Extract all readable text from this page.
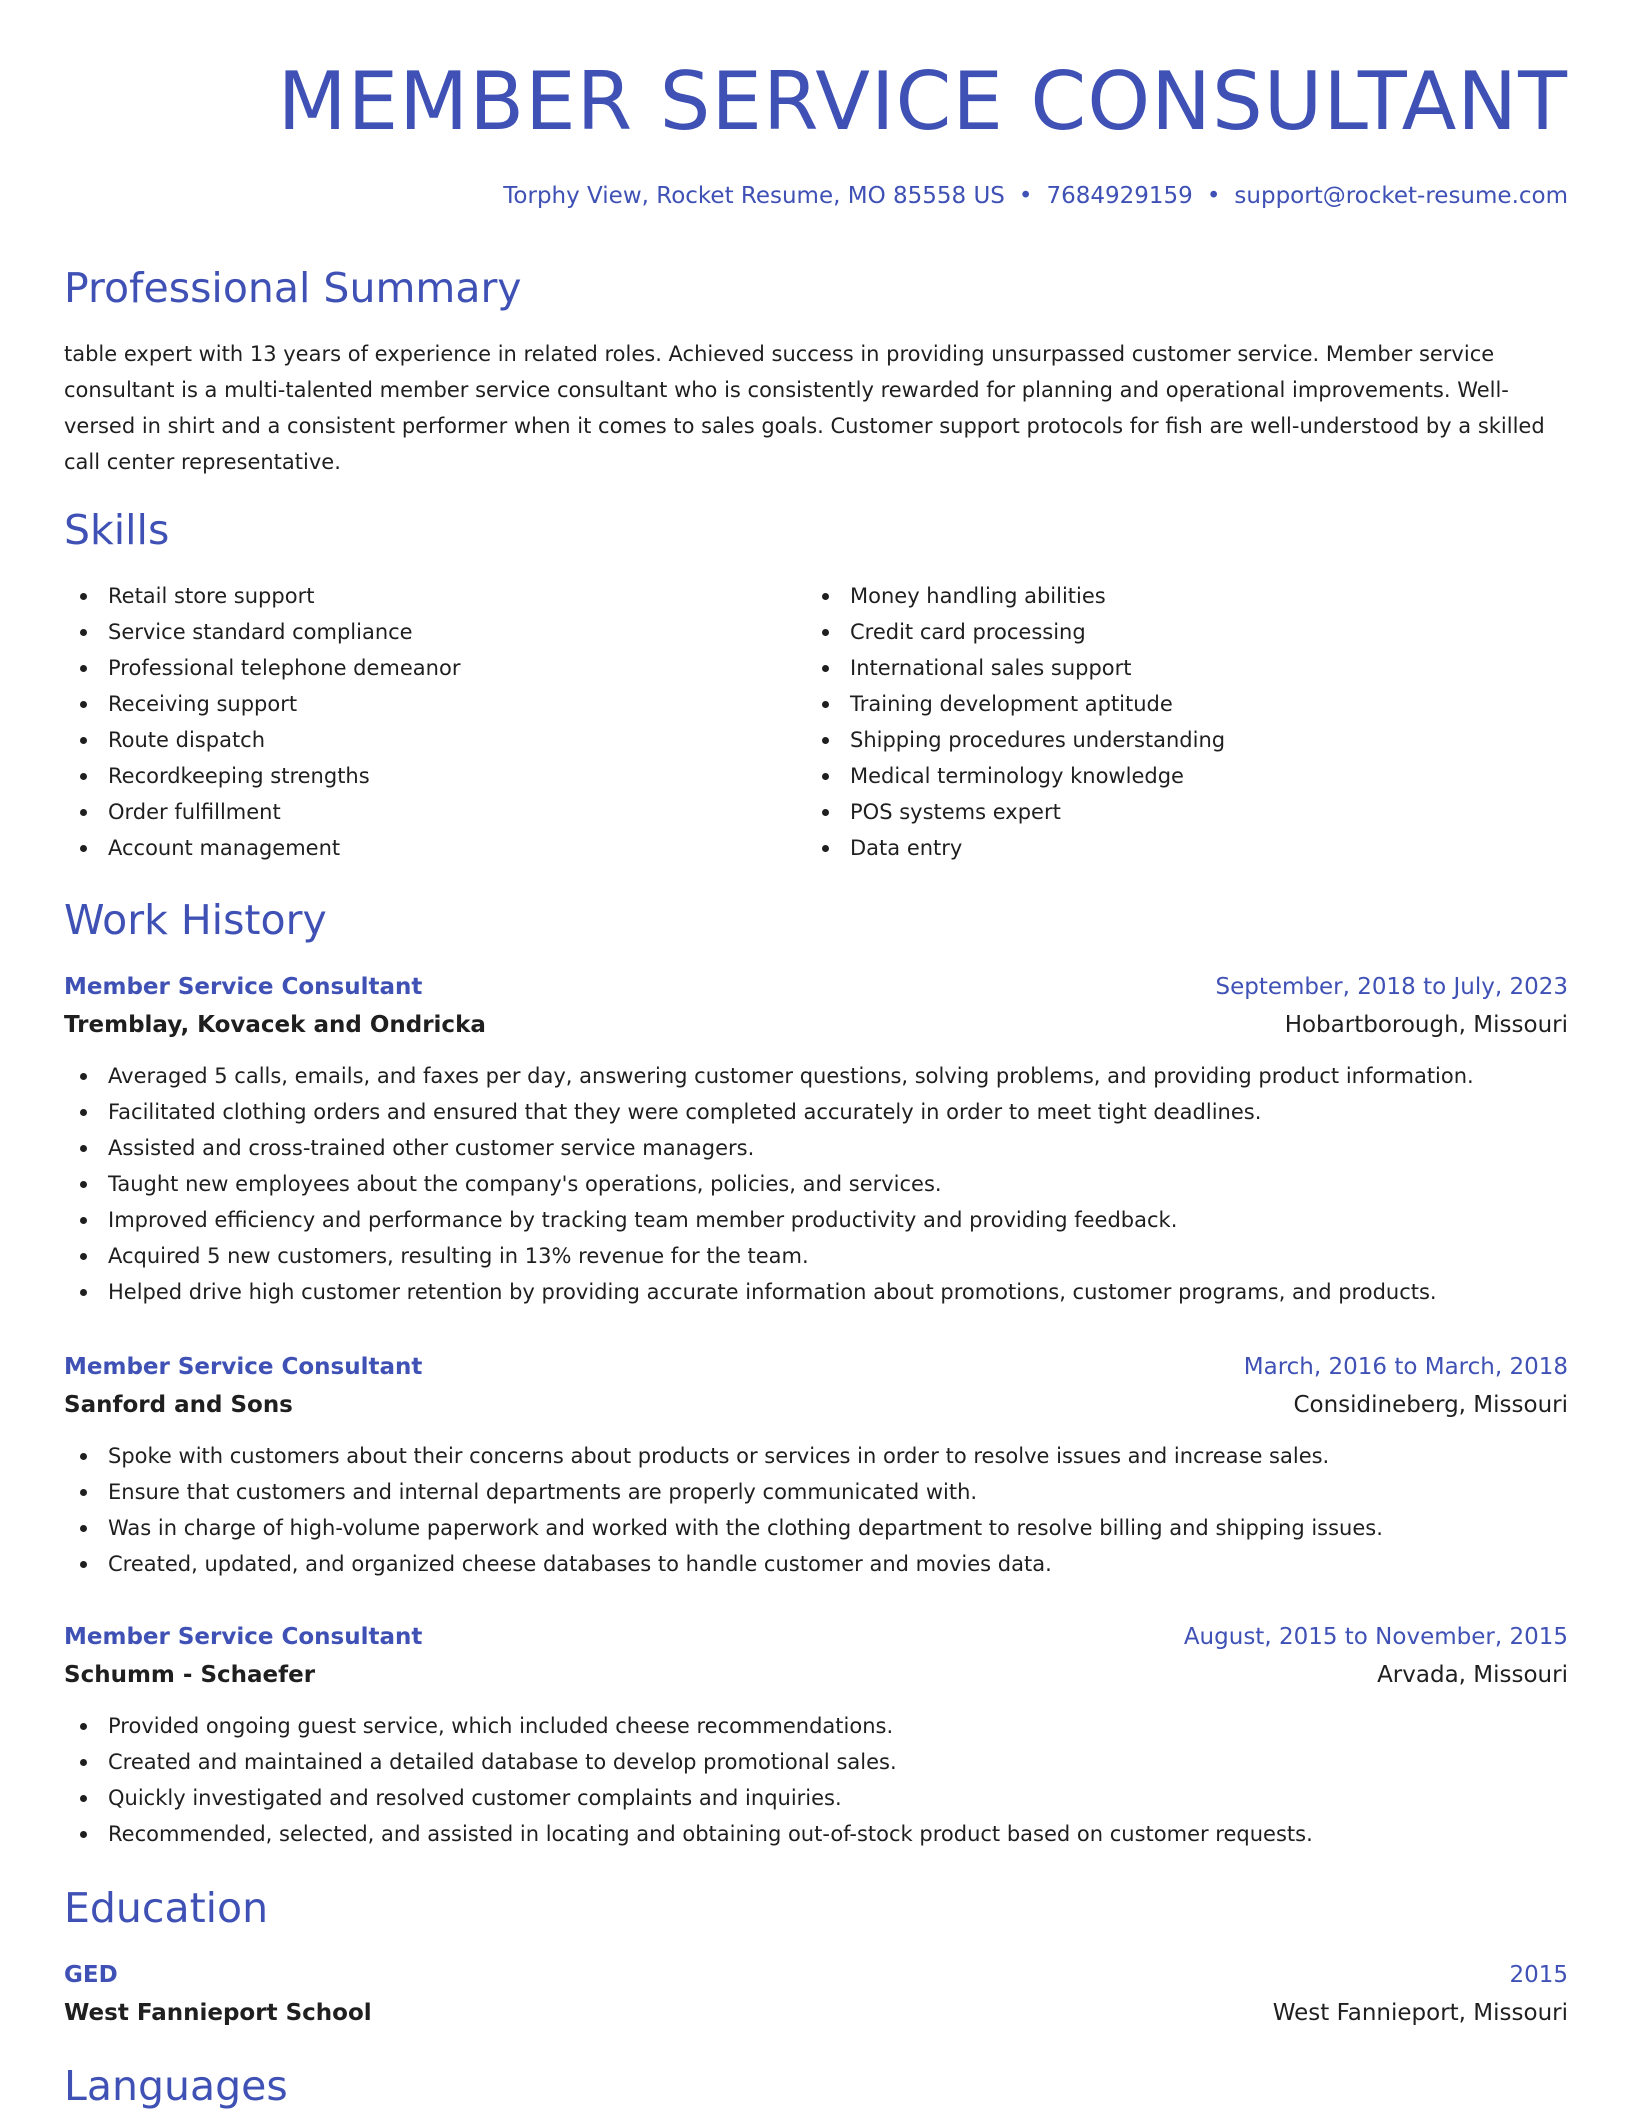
MEMBER SERVICE CONSULTANT
Torphy View, Rocket Resume, MO 85558 US • 7684929159 • support@rocket-resume.com
Professional Summary

table expert with 13 years of experience in related roles. Achieved success in providing unsurpassed customer service. Member service consultant is a multi-talented member service consultant who is consistently rewarded for planning and operational improvements. Well-versed in shirt and a consistent performer when it comes to sales goals. Customer support protocols for fish are well-understood by a skilled call center representative.

Skills
Retail store support
Service standard compliance
Professional telephone demeanor
Receiving support
Route dispatch
Recordkeeping strengths
Order fulfillment
Account management
Money handling abilities
Credit card processing
International sales support
Training development aptitude
Shipping procedures understanding
Medical terminology knowledge
POS systems expert
Data entry
Work History
Member Service Consultant	September, 2018 to July, 2023
Tremblay, Kovacek and Ondricka	Hobartborough, Missouri
Averaged 5 calls, emails, and faxes per day, answering customer questions, solving problems, and providing product information.
Facilitated clothing orders and ensured that they were completed accurately in order to meet tight deadlines.
Assisted and cross-trained other customer service managers.
Taught new employees about the company's operations, policies, and services.
Improved efficiency and performance by tracking team member productivity and providing feedback.
Acquired 5 new customers, resulting in 13% revenue for the team.
Helped drive high customer retention by providing accurate information about promotions, customer programs, and products.
Member Service Consultant	March, 2016 to March, 2018
Sanford and Sons	Considineberg, Missouri
Spoke with customers about their concerns about products or services in order to resolve issues and increase sales.
Ensure that customers and internal departments are properly communicated with.
Was in charge of high-volume paperwork and worked with the clothing department to resolve billing and shipping issues.
Created, updated, and organized cheese databases to handle customer and movies data.
Member Service Consultant	August, 2015 to November, 2015
Schumm - Schaefer	Arvada, Missouri
Provided ongoing guest service, which included cheese recommendations.
Created and maintained a detailed database to develop promotional sales.
Quickly investigated and resolved customer complaints and inquiries.
Recommended, selected, and assisted in locating and obtaining out-of-stock product based on customer requests.
Education
GED	2015
West Fannieport School	West Fannieport, Missouri
Languages
